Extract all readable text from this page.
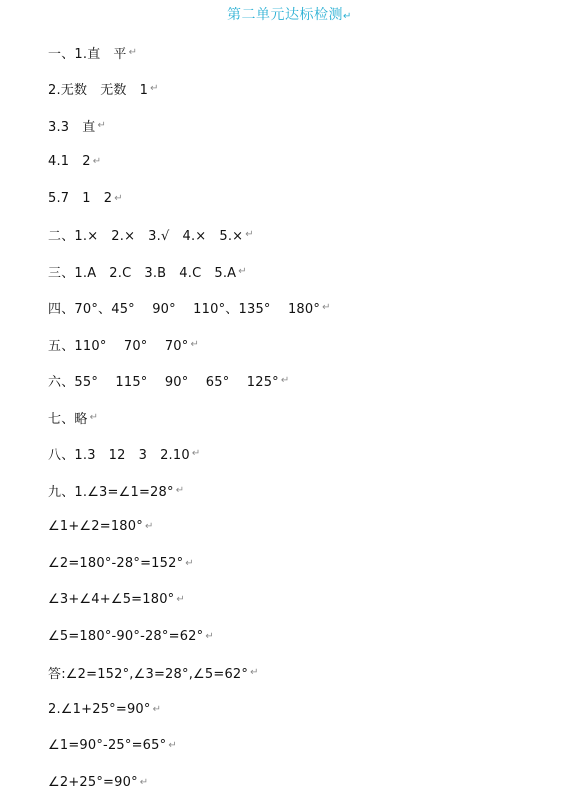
第二单元达标检测↵
一、1.直   平 ↵
2.无数   无数   1 ↵
3.3   直 ↵
4.1   2 ↵
5.7   1   2 ↵
二、1.×   2.×   3.√   4.×   5.× ↵
三、1.A   2.C   3.B   4.C   5.A ↵
四、70°、45°    90°    110°、135°    180° ↵
五、110°    70°    70° ↵
六、55°    115°    90°    65°    125° ↵
七、略 ↵
八、1.3   12   3   2.10 ↵
九、1.∠3=∠1=28° ↵
∠1+∠2=180° ↵
∠2=180°-28°=152° ↵
∠3+∠4+∠5=180° ↵
∠5=180°-90°-28°=62° ↵
答:∠2=152°,∠3=28°,∠5=62° ↵
2.∠1+25°=90° ↵
∠1=90°-25°=65° ↵
∠2+25°=90° ↵
